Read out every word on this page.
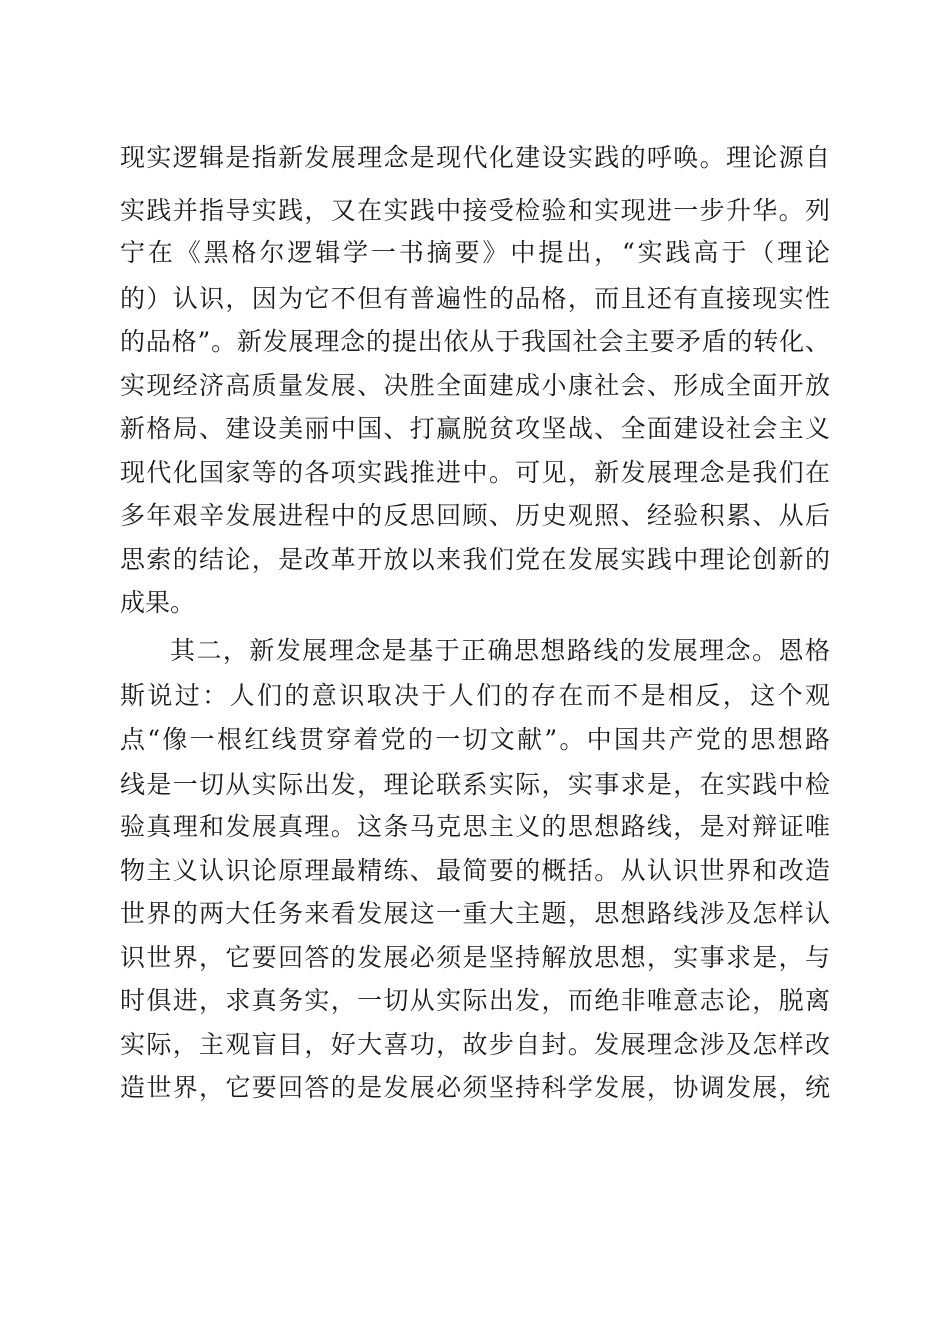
现实逻辑是指新发展理念是现代化建设实践的呼唤。理论源自

实践并指导实践，又在实践中接受检验和实现进一步升华。列

宁在《黑格尔逻辑学一书摘要》中提出，“实践高于（理论

的）认识，因为它不但有普遍性的品格，而且还有直接现实性

的品格”。新发展理念的提出依从于我国社会主要矛盾的转化、

实现经济高质量发展、决胜全面建成小康社会、形成全面开放

新格局、建设美丽中国、打赢脱贫攻坚战、全面建设社会主义

现代化国家等的各项实践推进中。可见，新发展理念是我们在

多年艰辛发展进程中的反思回顾、历史观照、经验积累、从后

思索的结论，是改革开放以来我们党在发展实践中理论创新的

成果。

其二，新发展理念是基于正确思想路线的发展理念。恩格

斯说过：人们的意识取决于人们的存在而不是相反，这个观

点“像一根红线贯穿着党的一切文献”。中国共产党的思想路

线是一切从实际出发，理论联系实际，实事求是，在实践中检

验真理和发展真理。这条马克思主义的思想路线，是对辩证唯

物主义认识论原理最精练、最简要的概括。从认识世界和改造

世界的两大任务来看发展这一重大主题，思想路线涉及怎样认

识世界，它要回答的发展必须是坚持解放思想，实事求是，与

时俱进，求真务实，一切从实际出发，而绝非唯意志论，脱离

实际，主观盲目，好大喜功，故步自封。发展理念涉及怎样改

造世界，它要回答的是发展必须坚持科学发展，协调发展，统
